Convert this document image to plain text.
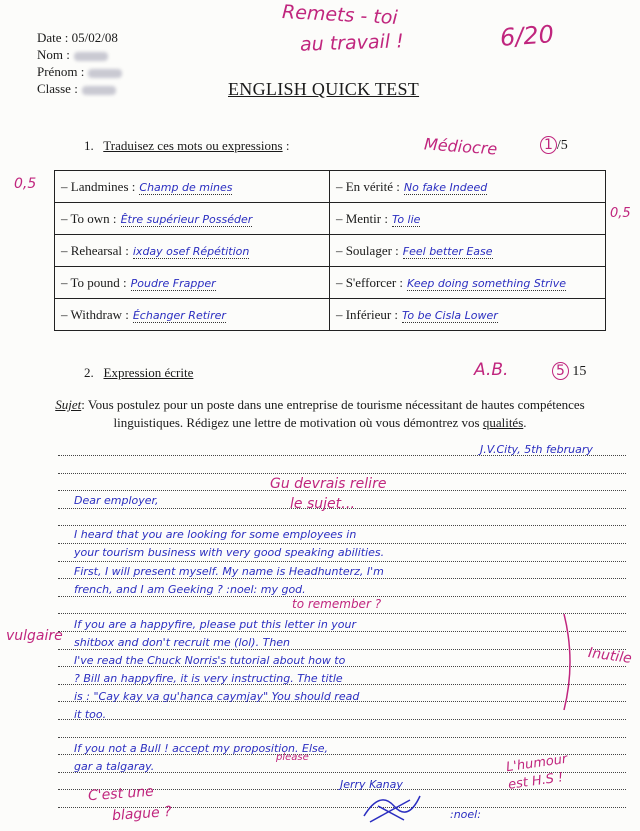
Date : 05/02/08
Nom :
Prénom :
Classe :
Remets - toi
au travail !	6/20
ENGLISH QUICK TEST
1. Traduisez ces mots ou expressions :	Médiocre	1 /5
0,5
0,5
– Landmines : Champ de mines	– En vérité : No fake Indeed
– To own : Être supérieur Posséder	– Mentir : To lie
– Rehearsal : ixday osef Répétition	– Soulager : Feel better Ease
– To pound : Poudre Frapper	– S'efforcer : Keep doing something Strive
– Withdraw : Échanger Retirer	– Inférieur : To be Cisla Lower
2. Expression écrite	A.B.	5 15
Sujet: Vous postulez pour un poste dans une entreprise de tourisme nécessitant de hautes compétences linguistiques. Rédigez une lettre de motivation où vous démontrez vos qualités.
J.V.City, 5th february
Dear employer,
I heard that you are looking for some employees in
your tourism business with very good speaking abilities.
First, I will present myself. My name is Headhunterz, I'm
french, and I am Geeking ? :noel: my god.
If you are a happyfire, please put this letter in your
shitbox and don't recruit me (lol). Then
I've read the Chuck Norris's tutorial about how to
? Bill an happyfire, it is very instructing. The title
is : "Cay kay va gu'hanca caymjay" You should read
it too.
If you not a Bull ! accept my proposition. Else,
gar a talgaray.
Jerry Kanay
:noel:
Gu devrais relire
le sujet…
to remember ?
vulgaire
Inutile
please	L'humour
est H.S !
C'est une
blague ?
